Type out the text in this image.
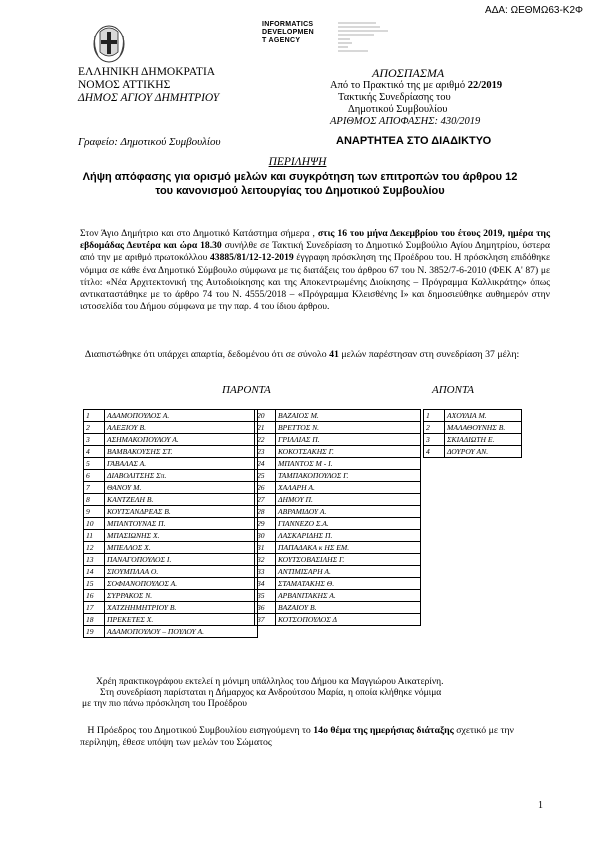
ΑΔΑ: ΩΕΘΜΩ63-Κ2Φ
INFORMATICS
DEVELOPMEN
T AGENCY
ΕΛΛΗΝΙΚΗ ΔΗΜΟΚΡΑΤΙΑ
ΝΟΜΟΣ ΑΤΤΙΚΗΣ
ΔΗΜΟΣ ΑΓΙΟΥ ΔΗΜΗΤΡΙΟΥ
ΑΠΟΣΠΑΣΜΑ
Από το Πρακτικό της με αριθμό 22/2019
Τακτικής Συνεδρίασης του
Δημοτικού Συμβουλίου
ΑΡΙΘΜΟΣ ΑΠΟΦΑΣΗΣ: 430/2019
Γραφείο: Δημοτικού Συμβουλίου	ΑΝΑΡΤΗΤΕΑ ΣΤΟ ΔΙΑΔΙΚΤΥΟ
ΠΕΡΙΛΗΨΗ
Λήψη απόφασης για ορισμό μελών και συγκρότηση των επιτροπών του άρθρου 12 του κανονισμού λειτουργίας του Δημοτικού Συμβουλίου
Στον Άγιο Δημήτριο και στο Δημοτικό Κατάστημα σήμερα , στις 16 του μήνα Δεκεμβρίου του έτους 2019, ημέρα της εβδομάδας Δευτέρα και ώρα 18.30 συνήλθε σε Τακτική Συνεδρίαση το Δημοτικό Συμβούλιο Αγίου Δημητρίου, ύστερα από την με αριθμό πρωτοκόλλου 43885/81/12-12-2019 έγγραφη πρόσκληση της Προέδρου του. Η πρόσκληση επιδόθηκε νόμιμα σε κάθε ένα Δημοτικό Σύμβουλο σύμφωνα με τις διατάξεις του άρθρου 67 του Ν. 3852/7-6-2010 (ΦΕΚ Α' 87) με τίτλο: «Νέα Αρχιτεκτονική της Αυτοδιοίκησης και της Αποκεντρωμένης Διοίκησης – Πρόγραμμα Καλλικράτης» όπως αντικαταστάθηκε με το άρθρο 74 του Ν. 4555/2018 – «Πρόγραμμα Κλεισθένης Ι» και δημοσιεύθηκε αυθημερόν στην ιστοσελίδα του Δήμου σύμφωνα με την παρ. 4 του ίδιου άρθρου.
Διαπιστώθηκε ότι υπάρχει απαρτία, δεδομένου ότι σε σύνολο 41 μελών παρέστησαν στη συνεδρίαση 37 μέλη:
ΠΑΡΟΝΤΑ	ΑΠΟΝΤΑ
1	ΑΔΑΜΟΠΟΥΛΟΣ Α.
2	ΑΛΕΞΙΟΥ Β.
3	ΑΣΗΜΑΚΟΠΟΥΛΟΥ Α.
4	ΒΑΜΒΑΚΟΥΣΗΣ ΣΤ.
5	ΓΑΒΑΛΑΣ Α.
6	ΔΙΑΒΟΛΙΤΣΗΣ Σπ.
7	ΘΑΝΟΥ Μ.
8	ΚΑΝΤΖΕΛΗ Β.
9	ΚΟΥΤΣΑΝΔΡΕΑΣ Β.
10	ΜΠΑΝΤΟΥΝΑΣ Π.
11	ΜΠΑΣΙΩΝΗΣ Χ.
12	ΜΠΕΛΛΟΣ Χ.
13	ΠΑΝΑΓΟΠΟΥΛΟΣ Ι.
14	ΣΙΟΥΜΠΛΑΑ Ο.
15	ΣΟΦΙΑΝΟΠΟΥΛΟΣ Α.
16	ΣΥΡΡΑΚΟΣ Ν.
17	ΧΑΤΖΗΗΜΗΤΡΙΟΥ Β.
18	ΠΡΕΚΕΤΕΣ Χ.
19	ΑΔΑΜΟΠΟΥΛΟΥ – ΠΟΥΛΟΥ Α.
20	ΒΑΖΑΙΟΣ Μ.
21	ΒΡΕΤΤΟΣ Ν.
22	ΓΡΙΛΛΙΑΣ Π.
23	ΚΟΚΟΤΣΑΚΗΣ Γ.
24	ΜΠΑΝΤΟΣ Μ - Ι.
25	ΤΑΜΠΑΚΟΠΟΥΛΟΣ Γ.
26	ΧΑΛΑΡΗ Α.
27	ΔΗΜΟΥ Π.
28	ΑΒΡΑΜΙΔΟΥ Α.
29	ΓΙΑΝΝΕΖΟ Σ.Α.
30	ΛΑΣΚΑΡΙΔΗΣ Π.
31	ΠΑΠΑΔΑΚΑ κ ΗΣ ΕΜ.
32	ΚΟΥΤΣΟΒΑΣΙΛΗΣ Γ.
33	ΑΝΤΙΜΙΣΑΡΗ Α.
34	ΣΤΑΜΑΤΑΚΗΣ Θ.
35	ΑΡΒΑΝΙΤΑΚΗΣ Α.
36	ΒΑΖΑΙΟΥ Β.
37	ΚΟΤΣΟΠΟΥΛΟΣ Δ
1	ΑΧΟΥΛΙΑ Μ.
2	ΜΑΛΑΘΟΥΝΗΣ Β.
3	ΣΚΙΑΔΙΩΤΗ Ε.
4	ΔΟΥΡΟΥ ΑΝ.
Χρέη πρακτικογράφου εκτελεί η μόνιμη υπάλληλος του Δήμου κα Μαγγιώρου Αικατερίνη.
Στη συνεδρίαση παρίσταται η Δήμαρχος κα Ανδρούτσου Μαρία, η οποία κλήθηκε νόμιμα
με την πιο πάνω πρόσκληση του Προέδρου
Η Πρόεδρος του Δημοτικού Συμβουλίου εισηγούμενη το 14ο θέμα της ημερήσιας διάταξης σχετικό με την περίληψη, έθεσε υπόψη των μελών του Σώματος
1
